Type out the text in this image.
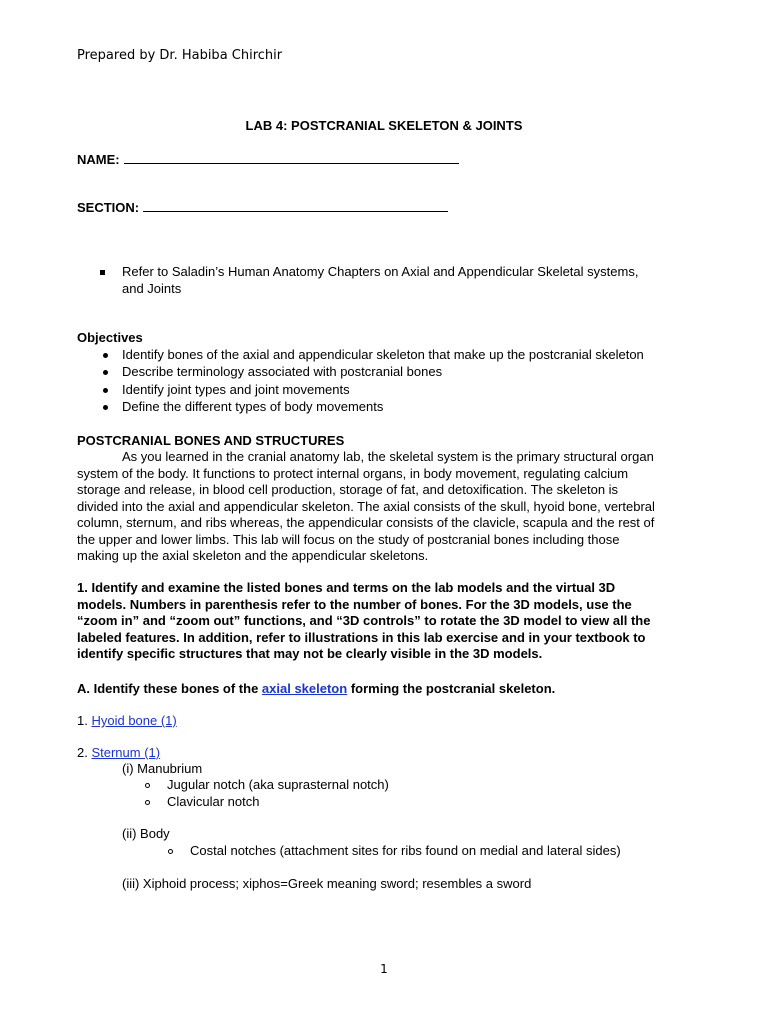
Prepared by Dr. Habiba Chirchir
LAB 4: POSTCRANIAL SKELETON & JOINTS
NAME:
SECTION:
Refer to Saladin’s Human Anatomy Chapters on Axial and Appendicular Skeletal systems,
and Joints
Objectives
Identify bones of the axial and appendicular skeleton that make up the postcranial skeleton
Describe terminology associated with postcranial bones
Identify joint types and joint movements
Define the different types of body movements
POSTCRANIAL BONES AND STRUCTURES
As you learned in the cranial anatomy lab, the skeletal system is the primary structural organ
system of the body. It functions to protect internal organs, in body movement, regulating calcium
storage and release, in blood cell production, storage of fat, and detoxification. The skeleton is
divided into the axial and appendicular skeleton. The axial consists of the skull, hyoid bone, vertebral
column, sternum, and ribs whereas, the appendicular consists of the clavicle, scapula and the rest of
the upper and lower limbs. This lab will focus on the study of postcranial bones including those
making up the axial skeleton and the appendicular skeletons.
1. Identify and examine the listed bones and terms on the lab models and the virtual 3D
models. Numbers in parenthesis refer to the number of bones. For the 3D models, use the
“zoom in” and “zoom out” functions, and “3D controls” to rotate the 3D model to view all the
labeled features. In addition, refer to illustrations in this lab exercise and in your textbook to
identify specific structures that may not be clearly visible in the 3D models.
A. Identify these bones of the axial skeleton forming the postcranial skeleton.
1. Hyoid bone (1)
2. Sternum (1)
(i) Manubrium
Jugular notch (aka suprasternal notch)
Clavicular notch
(ii) Body
Costal notches (attachment sites for ribs found on medial and lateral sides)
(iii) Xiphoid process; xiphos=Greek meaning sword; resembles a sword
1
